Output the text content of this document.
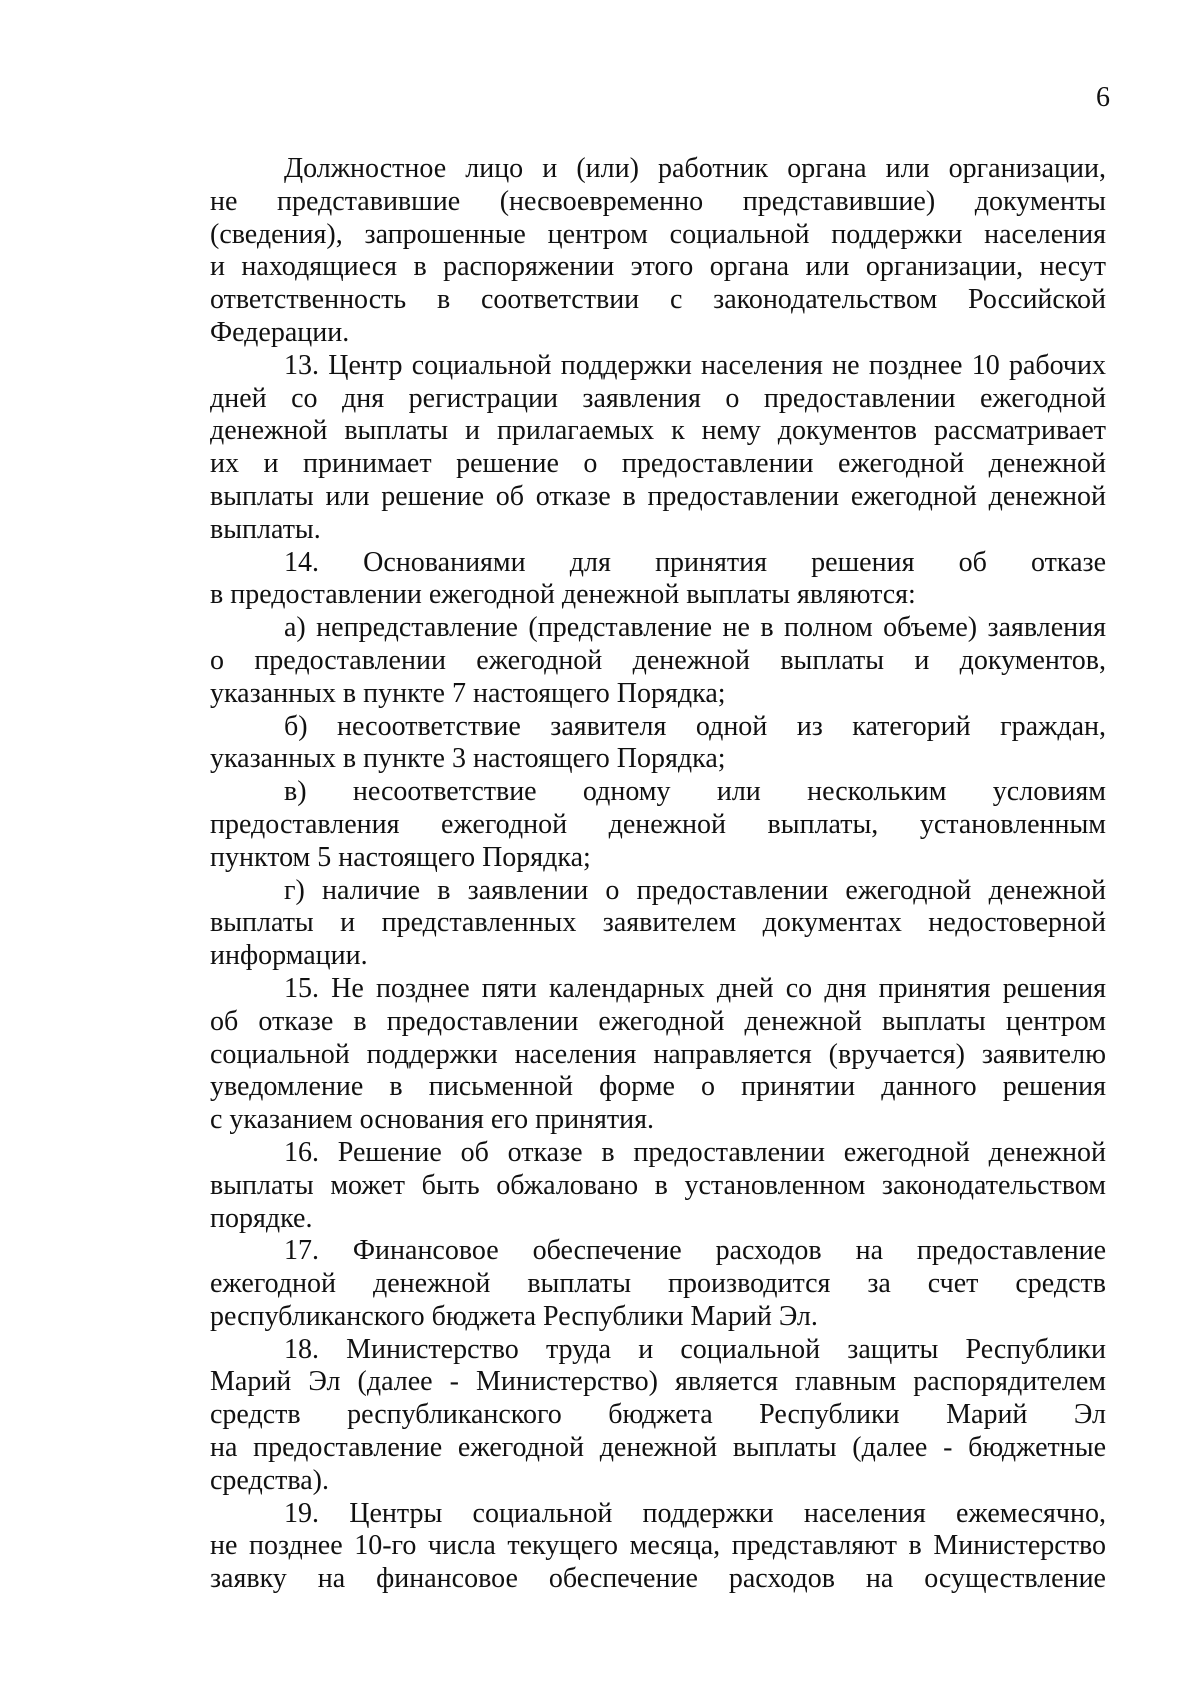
6
Должностное лицо и (или) работник органа или организации,
не представившие (несвоевременно представившие) документы
(сведения), запрошенные центром социальной поддержки населения
и находящиеся в распоряжении этого органа или организации, несут
ответственность в соответствии с законодательством Российской
Федерации.
13. Центр социальной поддержки населения не позднее 10 рабочих
дней со дня регистрации заявления о предоставлении ежегодной
денежной выплаты и прилагаемых к нему документов рассматривает
их и принимает решение о предоставлении ежегодной денежной
выплаты или решение об отказе в предоставлении ежегодной денежной
выплаты.
14. Основаниями для принятия решения об отказе
в предоставлении ежегодной денежной выплаты являются:
а) непредставление (представление не в полном объеме) заявления
о предоставлении ежегодной денежной выплаты и документов,
указанных в пункте 7 настоящего Порядка;
б) несоответствие заявителя одной из категорий граждан,
указанных в пункте 3 настоящего Порядка;
в) несоответствие одному или нескольким условиям
предоставления ежегодной денежной выплаты, установленным
пунктом 5 настоящего Порядка;
г) наличие в заявлении о предоставлении ежегодной денежной
выплаты и представленных заявителем документах недостоверной
информации.
15. Не позднее пяти календарных дней со дня принятия решения
об отказе в предоставлении ежегодной денежной выплаты центром
социальной поддержки населения направляется (вручается) заявителю
уведомление в письменной форме о принятии данного решения
с указанием основания его принятия.
16. Решение об отказе в предоставлении ежегодной денежной
выплаты может быть обжаловано в установленном законодательством
порядке.
17. Финансовое обеспечение расходов на предоставление
ежегодной денежной выплаты производится за счет средств
республиканского бюджета Республики Марий Эл.
18. Министерство труда и социальной защиты Республики
Марий Эл (далее - Министерство) является главным распорядителем
средств республиканского бюджета Республики Марий Эл
на предоставление ежегодной денежной выплаты (далее - бюджетные
средства).
19. Центры социальной поддержки населения ежемесячно,
не позднее 10-го числа текущего месяца, представляют в Министерство
заявку на финансовое обеспечение расходов на осуществление
